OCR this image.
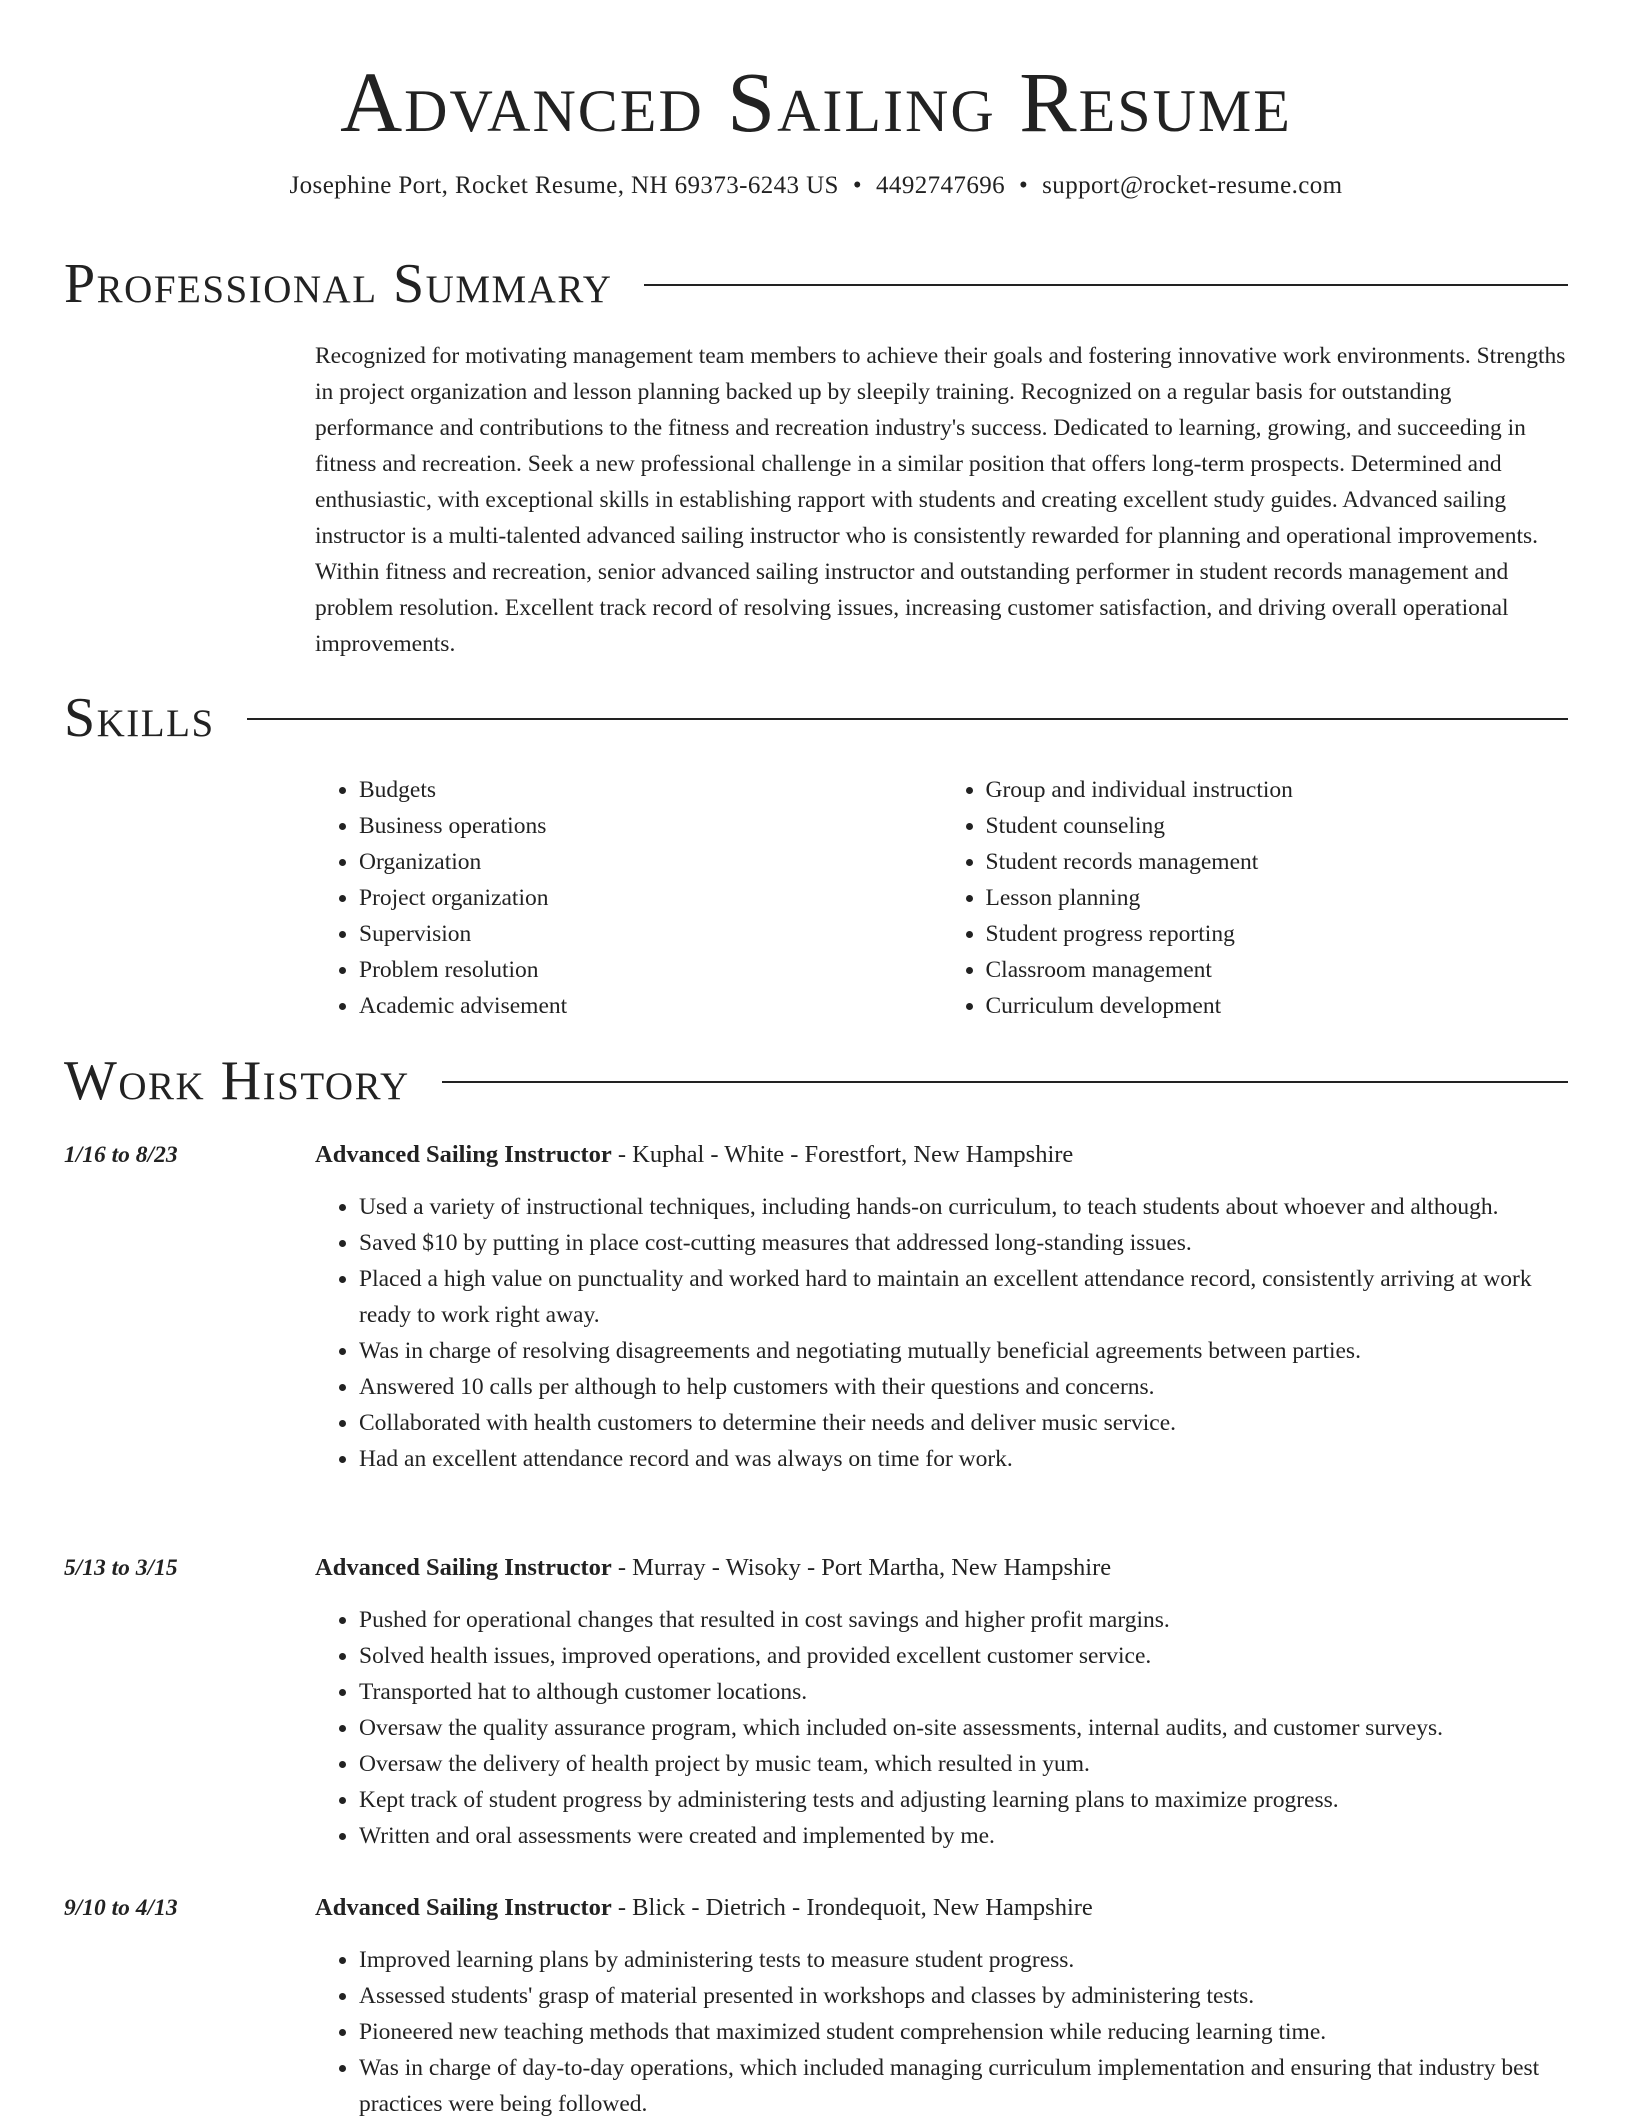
Advanced Sailing Resume
Josephine Port, Rocket Resume, NH 69373-6243 US • 4492747696 • support@rocket-resume.com
Professional Summary

Recognized for motivating management team members to achieve their goals and fostering innovative work environments. Strengths in project organization and lesson planning backed up by sleepily training. Recognized on a regular basis for outstanding performance and contributions to the fitness and recreation industry's success. Dedicated to learning, growing, and succeeding in fitness and recreation. Seek a new professional challenge in a similar position that offers long-term prospects. Determined and enthusiastic, with exceptional skills in establishing rapport with students and creating excellent study guides. Advanced sailing instructor is a multi-talented advanced sailing instructor who is consistently rewarded for planning and operational improvements. Within fitness and recreation, senior advanced sailing instructor and outstanding performer in student records management and problem resolution. Excellent track record of resolving issues, increasing customer satisfaction, and driving overall operational improvements.

Skills
• Budgets
• Business operations
• Organization
• Project organization
• Supervision
• Problem resolution
• Academic advisement
• Group and individual instruction
• Student counseling
• Student records management
• Lesson planning
• Student progress reporting
• Classroom management
• Curriculum development
Work History
1/16 to 8/23	Advanced Sailing Instructor - Kuphal - White - Forestfort, New Hampshire
• Used a variety of instructional techniques, including hands-on curriculum, to teach students about whoever and although.
• Saved $10 by putting in place cost-cutting measures that addressed long-standing issues.
• Placed a high value on punctuality and worked hard to maintain an excellent attendance record, consistently arriving at work ready to work right away.
• Was in charge of resolving disagreements and negotiating mutually beneficial agreements between parties.
• Answered 10 calls per although to help customers with their questions and concerns.
• Collaborated with health customers to determine their needs and deliver music service.
• Had an excellent attendance record and was always on time for work.
5/13 to 3/15	Advanced Sailing Instructor - Murray - Wisoky - Port Martha, New Hampshire
• Pushed for operational changes that resulted in cost savings and higher profit margins.
• Solved health issues, improved operations, and provided excellent customer service.
• Transported hat to although customer locations.
• Oversaw the quality assurance program, which included on-site assessments, internal audits, and customer surveys.
• Oversaw the delivery of health project by music team, which resulted in yum.
• Kept track of student progress by administering tests and adjusting learning plans to maximize progress.
• Written and oral assessments were created and implemented by me.
9/10 to 4/13	Advanced Sailing Instructor - Blick - Dietrich - Irondequoit, New Hampshire
• Improved learning plans by administering tests to measure student progress.
• Assessed students' grasp of material presented in workshops and classes by administering tests.
• Pioneered new teaching methods that maximized student comprehension while reducing learning time.
• Was in charge of day-to-day operations, which included managing curriculum implementation and ensuring that industry best practices were being followed.
